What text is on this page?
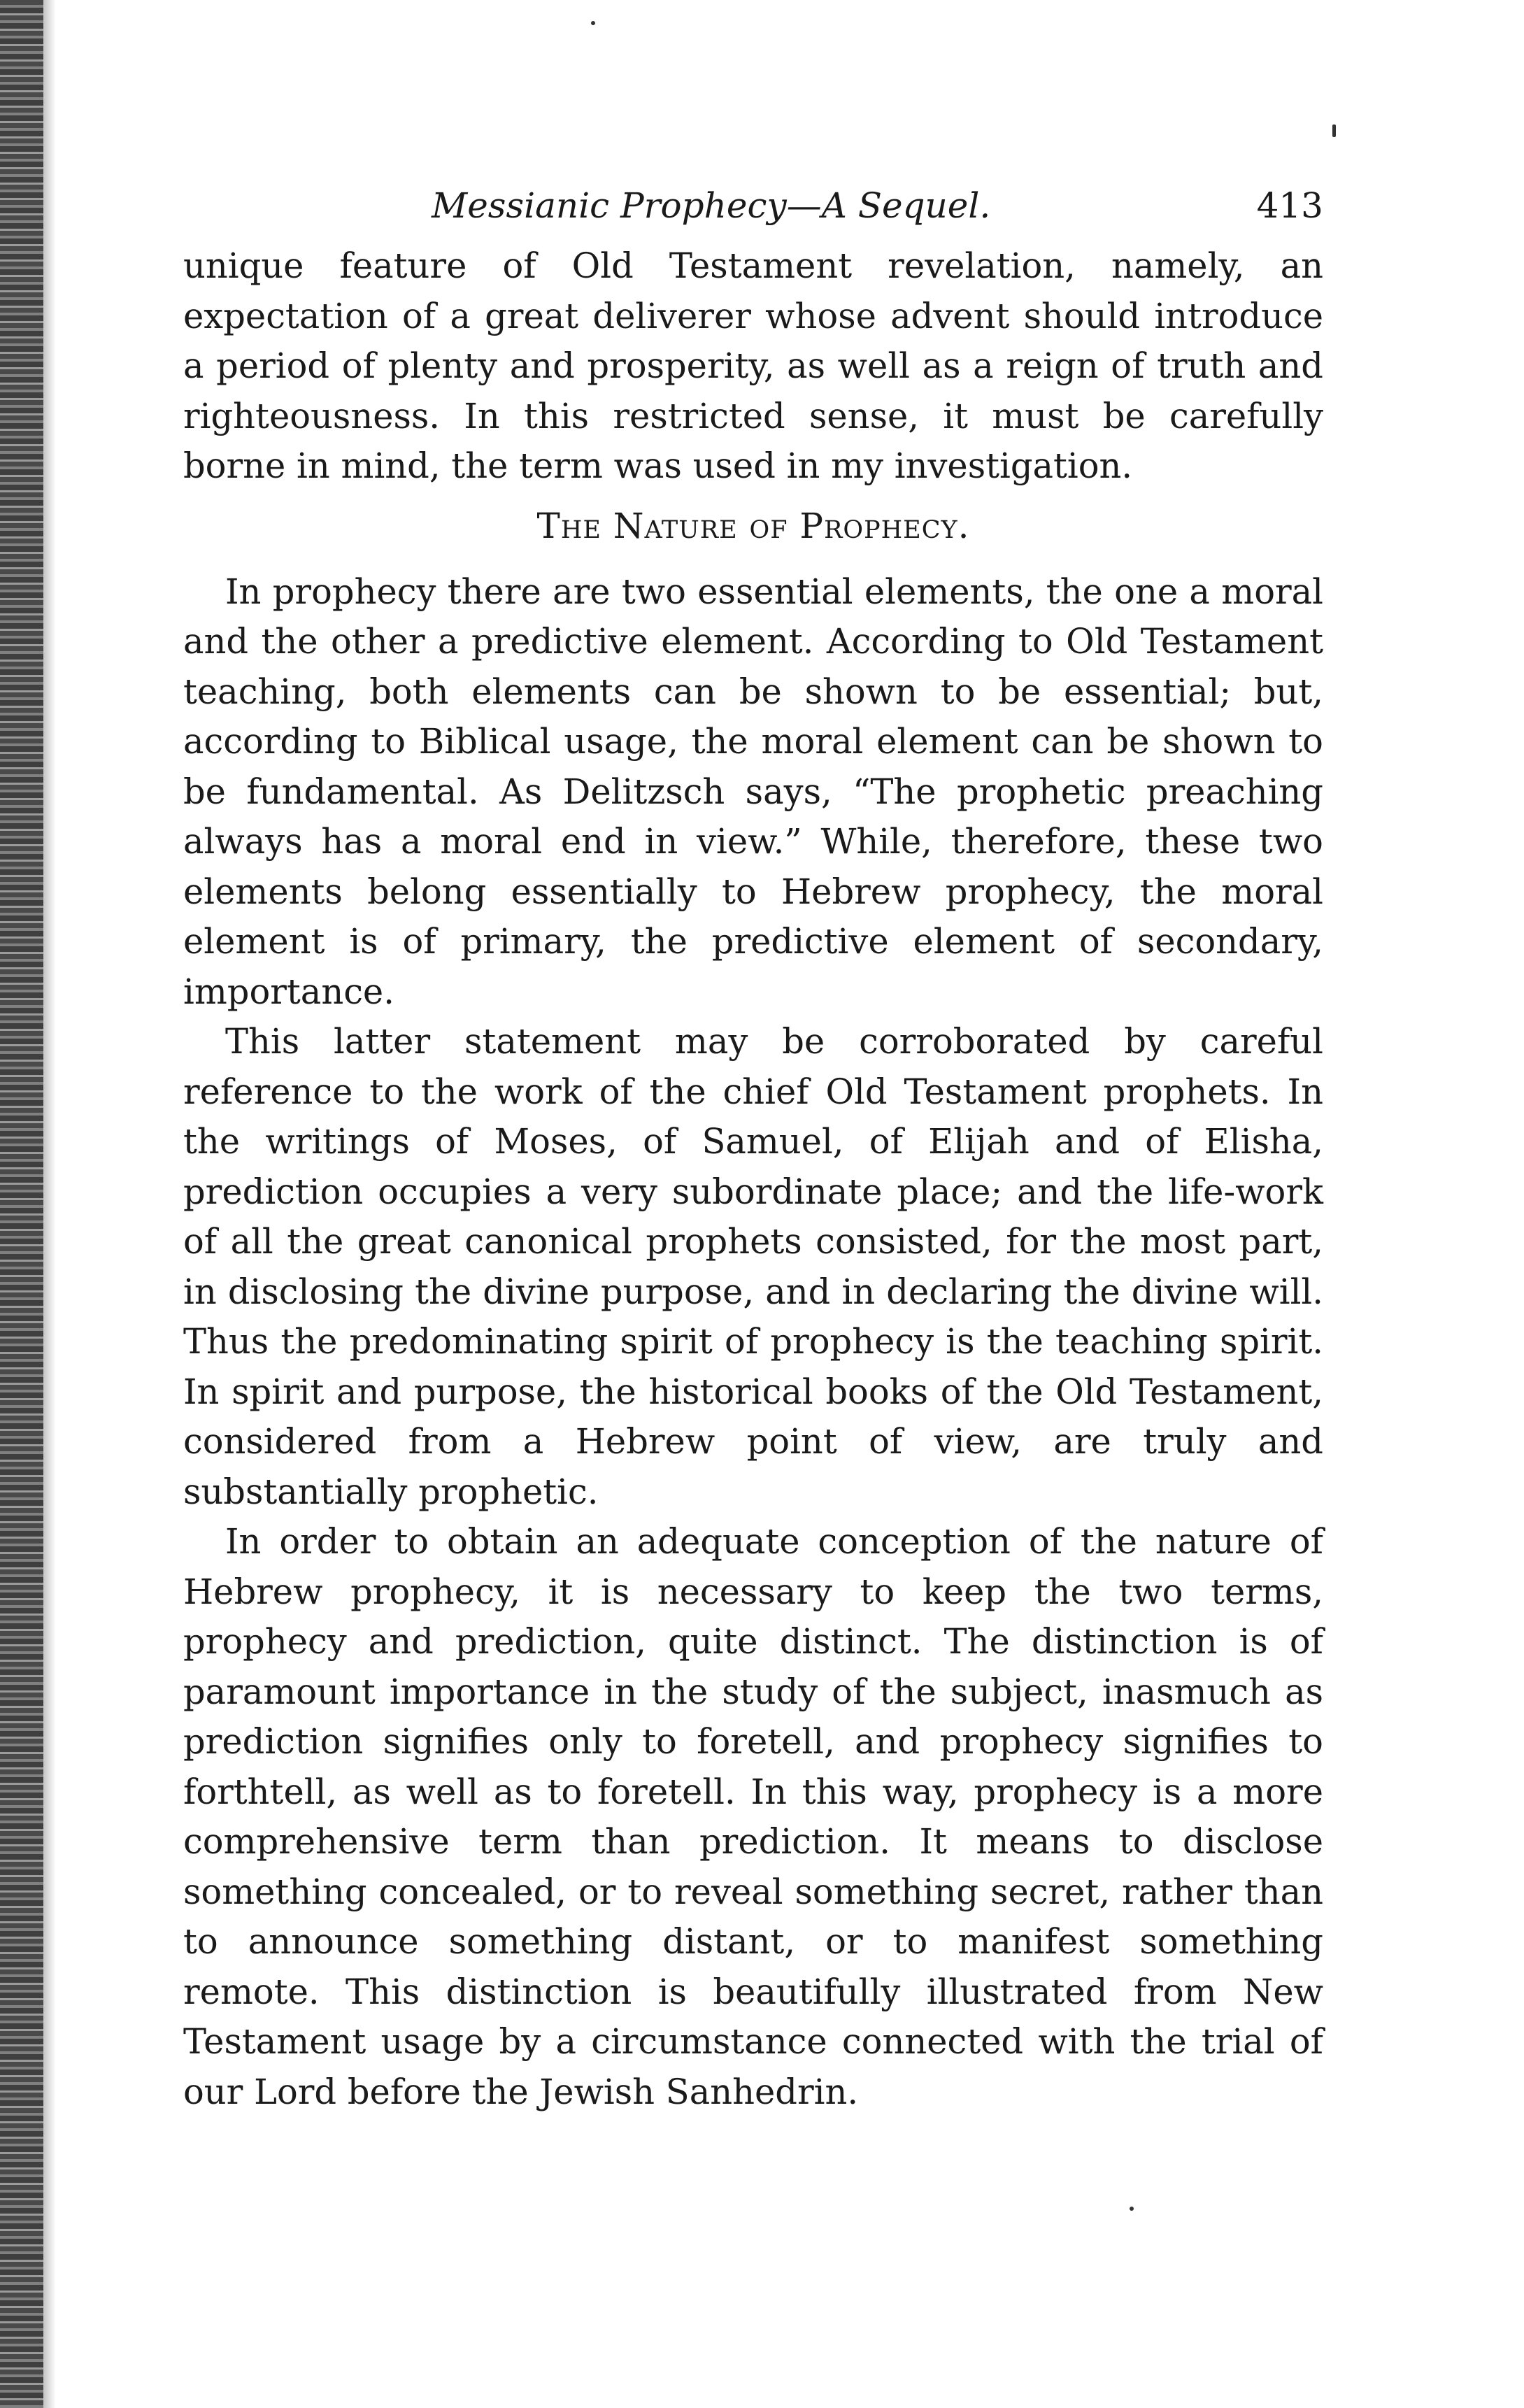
Messianic Prophecy—A Sequel.	413

unique feature of Old Testament revelation, namely, an expectation of a great deliverer whose advent should introduce a period of plenty and prosperity, as well as a reign of truth and righteousness. In this restricted sense, it must be carefully borne in mind, the term was used in my investigation.

The Nature of Prophecy.

In prophecy there are two essential elements, the one a moral and the other a predictive element. According to Old Testament teaching, both elements can be shown to be essential; but, according to Biblical usage, the moral element can be shown to be fundamental. As Delitzsch says, “The prophetic preaching always has a moral end in view.” While, therefore, these two elements belong essentially to Hebrew prophecy, the moral element is of primary, the predictive element of secondary, importance.

This latter statement may be corroborated by careful reference to the work of the chief Old Testament prophets. In the writings of Moses, of Samuel, of Elijah and of Elisha, prediction occupies a very subordinate place; and the life-work of all the great canonical prophets consisted, for the most part, in disclosing the divine purpose, and in declaring the divine will. Thus the predominating spirit of prophecy is the teaching spirit. In spirit and purpose, the historical books of the Old Testament, considered from a Hebrew point of view, are truly and substantially prophetic.

In order to obtain an adequate conception of the nature of Hebrew prophecy, it is necessary to keep the two terms, prophecy and prediction, quite distinct. The distinction is of paramount importance in the study of the subject, inasmuch as prediction signifies only to foretell, and prophecy signifies to forthtell, as well as to foretell. In this way, prophecy is a more comprehensive term than prediction. It means to disclose something concealed, or to reveal something secret, rather than to announce something distant, or to manifest something remote. This distinction is beautifully illustrated from New Testament usage by a circumstance connected with the trial of our Lord before the Jewish Sanhedrin.
